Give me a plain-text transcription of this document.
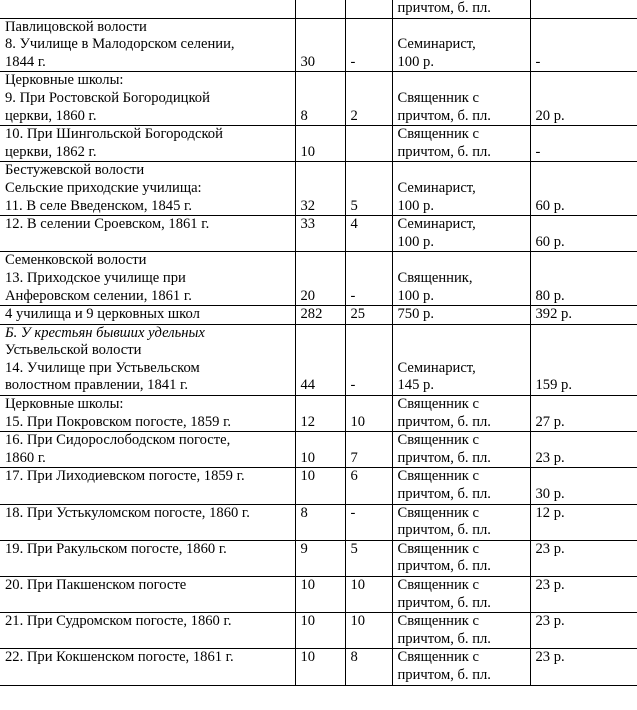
			причтом, б. пл.	

Павлицовской волости
8. Училище в Малодорском селении,
1844 г.	30	-	Семинарист,
100 р.	-

Церковные школы:
9. При Ростовской Богородицкой
церкви, 1860 г.	8	2	Священник с
причтом, б. пл.	20 р.

10. При Шингольской Богородской
церкви, 1862 г.	10		Священник с
причтом, б. пл.	-

Бестужевской волости
Сельские приходские училища:
11. В селе Введенском, 1845 г.	32	5	Семинарист,
100 р.	60 р.

12. В селении Сроевском, 1861 г.	33	4	Семинарист,
100 р.	60 р.

Семенковской волости
13. Приходское училище при
Анферовском селении, 1861 г.	20	-	Священник,
100 р.	80 р.

4 училища и 9 церковных школ	282	25	750 р.	392 р.

Б. У крестьян бывших удельных
Устьвельской волости
14. Училище при Устьвельском
волостном правлении, 1841 г.	44	-	Семинарист,
145 р.	159 р.

Церковные школы:
15. При Покровском погосте, 1859 г.	12	10	Священник с
причтом, б. пл.	27 р.

16. При Сидорослободском погосте,
1860 г.	10	7	Священник с
причтом, б. пл.	23 р.

17. При Лиходиевском погосте, 1859 г.	10	6	Священник с
причтом, б. пл.	30 р.

18. При Устькуломском погосте, 1860 г.	8	-	Священник с
причтом, б. пл.	12 р.

19. При Ракульском погосте, 1860 г.	9	5	Священник с
причтом, б. пл.	23 р.

20. При Пакшенском погосте	10	10	Священник с
причтом, б. пл.	23 р.

21. При Судромском погосте, 1860 г.	10	10	Священник с
причтом, б. пл.	23 р.

22. При Кокшенском погосте, 1861 г.	10	8	Священник с
причтом, б. пл.	23 р.
